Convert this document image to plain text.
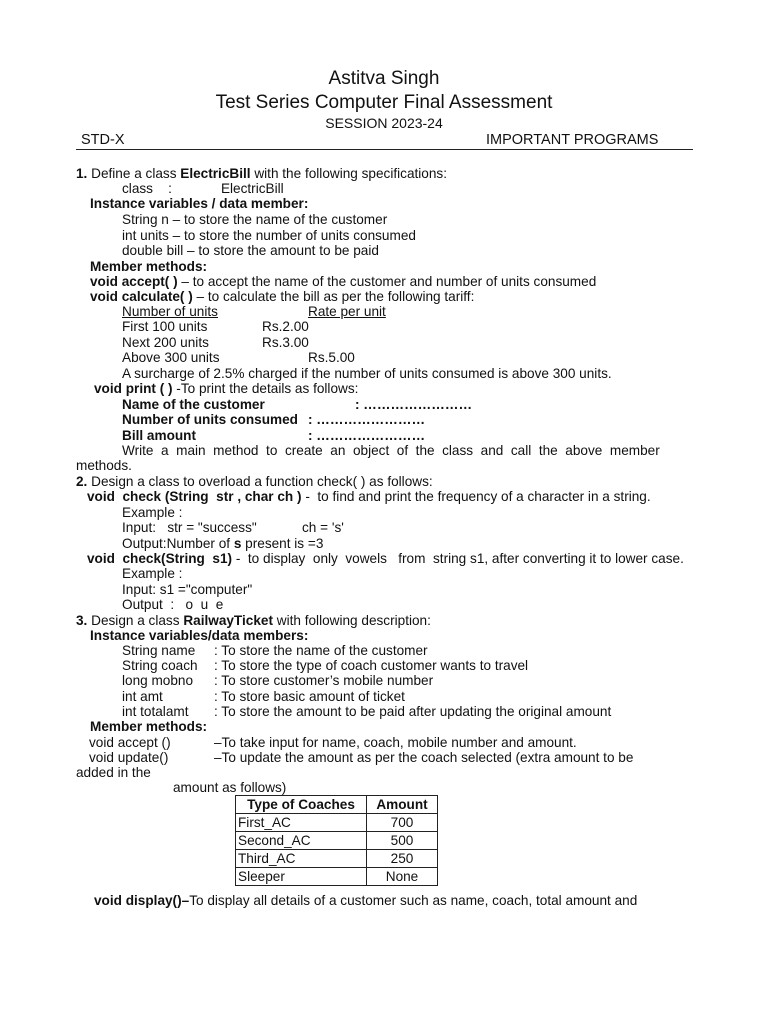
Astitva Singh
Test Series Computer Final Assessment
SESSION 2023-24
STD-X	IMPORTANT PROGRAMS
1. Define a class ElectricBill with the following specifications:
class    :             ElectricBill
Instance variables / data member:
String n – to store the name of the customer
int units – to store the number of units consumed
double bill – to store the amount to be paid
Member methods:
void accept( ) – to accept the name of the customer and number of units consumed
void calculate( ) – to calculate the bill as per the following tariff:
Number of units	Rate per unit
First 100 units	Rs.2.00
Next 200 units	Rs.3.00
Above 300 units	Rs.5.00
A surcharge of 2.5% charged if the number of units consumed is above 300 units.
void print ( ) -To print the details as follows:
Name of the customer	: ……………………
Number of units consumed : ……………………
Bill amount	: ……………………
Write  a  main  method  to  create  an  object  of  the  class  and  call  the  above  member
methods.
2. Design a class to overload a function check( ) as follows:
void  check (String  str , char ch ) -  to find and print the frequency of a character in a string.
Example :
Input:   str = "success"            ch = 's'
Output:Number of s present is =3
void  check(String  s1) -  to display  only  vowels   from  string s1, after converting it to lower case.
Example :
Input: s1 ="computer"
Output  :   o  u  e
3. Design a class RailwayTicket with following description:
Instance variables/data members:
String name : To store the name of the customer
String coach : To store the type of coach customer wants to travel
long mobno : To store customer’s mobile number
int amt	: To store basic amount of ticket
int totalamt : To store the amount to be paid after updating the original amount
Member methods:
void accept ()	–To take input for name, coach, mobile number and amount.
void update()	–To update the amount as per the coach selected (extra amount to be
added in the
amount as follows)
Type of Coaches	Amount
First_AC	700
Second_AC	500
Third_AC	250
Sleeper	None
void display()–To display all details of a customer such as name, coach, total amount and
